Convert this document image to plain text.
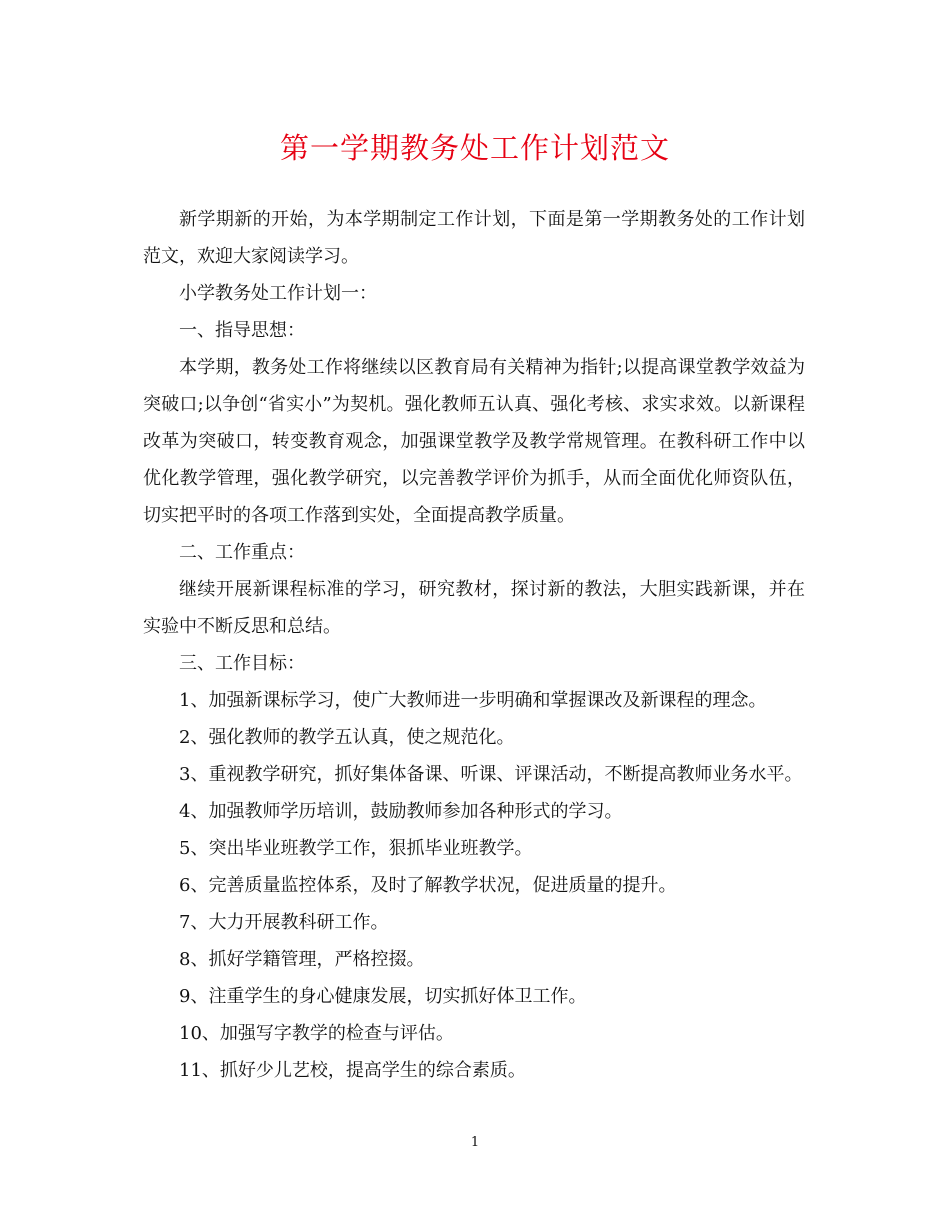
第一学期教务处工作计划范文

新学期新的开始，为本学期制定工作计划，下面是第一学期教务处的工作计划范文，欢迎大家阅读学习。

小学教务处工作计划一：

一、指导思想：

本学期，教务处工作将继续以区教育局有关精神为指针;以提高课堂教学效益为突破口;以争创“省实小”为契机。强化教师五认真、强化考核、求实求效。以新课程改革为突破口，转变教育观念，加强课堂教学及教学常规管理。在教科研工作中以优化教学管理，强化教学研究，以完善教学评价为抓手，从而全面优化师资队伍，切实把平时的各项工作落到实处，全面提高教学质量。

二、工作重点：

继续开展新课程标准的学习，研究教材，探讨新的教法，大胆实践新课，并在实验中不断反思和总结。

三、工作目标：

1、加强新课标学习，使广大教师进一步明确和掌握课改及新课程的理念。

2、强化教师的教学五认真，使之规范化。

3、重视教学研究，抓好集体备课、听课、评课活动，不断提高教师业务水平。

4、加强教师学历培训，鼓励教师参加各种形式的学习。

5、突出毕业班教学工作，狠抓毕业班教学。

6、完善质量监控体系，及时了解教学状况，促进质量的提升。

7、大力开展教科研工作。

8、抓好学籍管理，严格控掇。

9、注重学生的身心健康发展，切实抓好体卫工作。

10、加强写字教学的检查与评估。

11、抓好少儿艺校，提高学生的综合素质。

1
